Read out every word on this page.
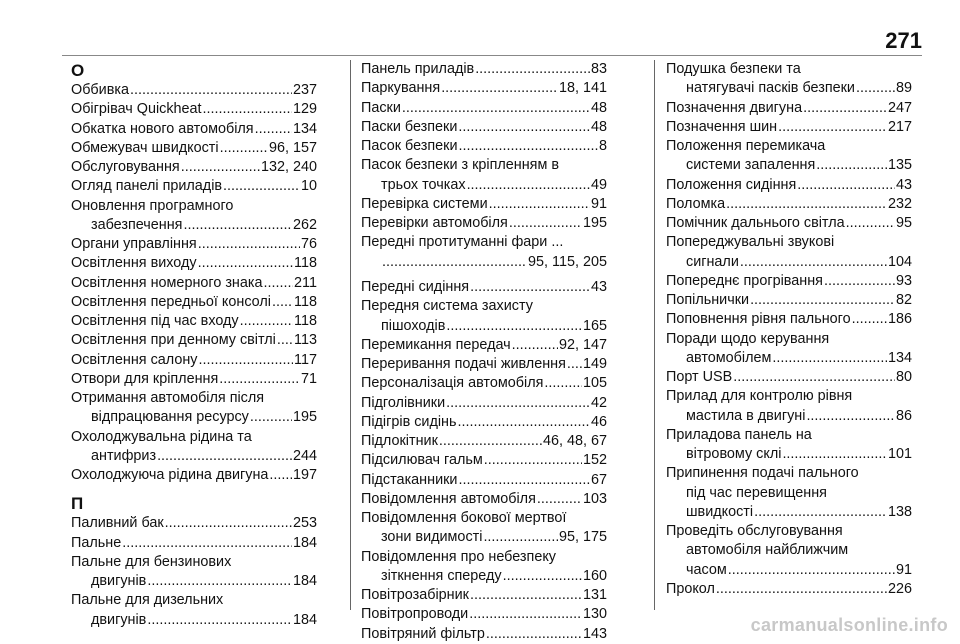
271
О
Оббивка .....	237
Обігрівач Quickheat .....	129
Обкатка нового автомобіля .....	134
Обмежувач швидкості .....	96, 157
Обслуговування .....	132, 240
Огляд панелі приладів .....	10
Оновлення програмного
забезпечення .....	262
Органи управління .....	76
Освітлення виходу .....	118
Освітлення номерного знака ..... 211
Освітлення передньої консолі ..... 118
Освітлення під час входу .....	118
Освітлення при денному світлі ..... 113
Освітлення салону .....	117
Отвори для кріплення .....	71
Отримання автомобіля після
відпрацювання ресурсу .....	195
Охолоджувальна рідина та
антифриз .....	244
Охолоджуюча рідина двигуна ..... 197
П
Паливний бак .....	253
Пальне .....	184
Пальне для бензинових
двигунів .....	184
Пальне для дизельних
двигунів .....	184
Панель приладів .....	83
Паркування .....	18, 141
Паски .....	48
Паски безпеки .....	48
Пасок безпеки .....	8
Пасок безпеки з кріпленням в
трьох точках .....	49
Перевірка системи .....	91
Перевірки автомобіля .....	195
Передні протитуманні фари ...
.....
95, 115, 205
Передні сидіння .....	43
Передня система захисту
пішоходів .....	165
Перемикання передач .....	92, 147
Переривання подачі живлення ..... 149
Персоналізація автомобіля .....	105
Підголівники .....	42
Підігрів сидінь .....	46
Підлокітник .....	46, 48, 67
Підсилювач гальм .....	152
Підстаканники .....	67
Повідомлення автомобіля .....	103
Повідомлення бокової мертвої
зони видимості .....	95, 175
Повідомлення про небезпеку
зіткнення спереду .....	160
Повітрозабірник .....	131
Повітропроводи .....	130
Повітряний фільтр .....	143
Подушка безпеки та
натягувачі пасків безпеки .....	89
Позначення двигуна .....	247
Позначення шин .....	217
Положення перемикача
системи запалення .....	135
Положення сидіння .....	43
Поломка .....	232
Помічник дальнього світла .....	95
Попереджувальні звукові
сигнали .....	104
Попереднє прогрівання .....	93
Попільнички .....	82
Поповнення рівня пального .....	186
Поради щодо керування
автомобілем .....	134
Порт USB .....	80
Прилад для контролю рівня
мастила в двигуні .....	86
Приладова панель на
вітровому склі .....	101
Припинення подачі пального
під час перевищення
швидкості .....	138
Проведіть обслуговування
автомобіля найближчим
часом .....	91
Прокол .....	226
carmanualsonline.info
